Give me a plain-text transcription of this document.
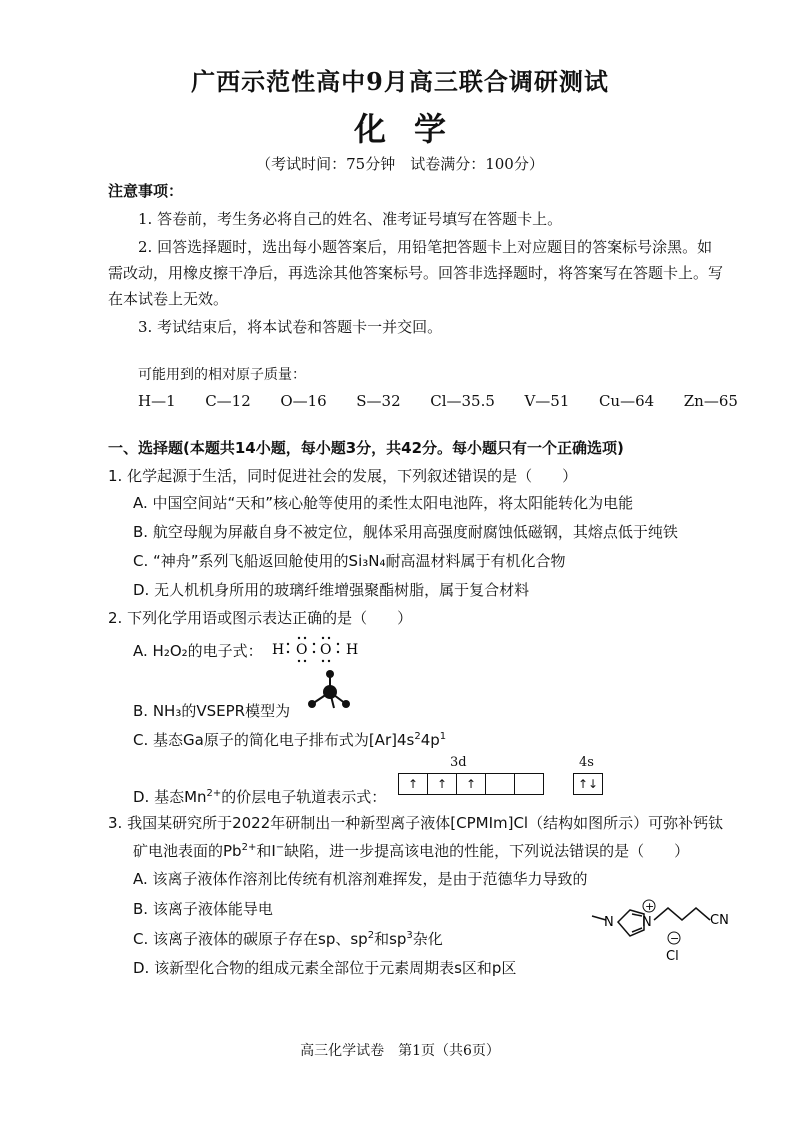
广西示范性高中9月高三联合调研测试
化学
（考试时间：75分钟　试卷满分：100分）
注意事项：
1. 答卷前，考生务必将自己的姓名、准考证号填写在答题卡上。
2. 回答选择题时，选出每小题答案后，用铅笔把答题卡上对应题目的答案标号涂黑。如
需改动，用橡皮擦干净后，再选涂其他答案标号。回答非选择题时，将答案写在答题卡上。写
在本试卷上无效。
3. 考试结束后，将本试卷和答题卡一并交回。
可能用到的相对原子质量：
H—1 C—12 O—16 S—32 Cl—35.5 V—51 Cu—64 Zn—65
一、选择题(本题共14小题，每小题3分，共42分。每小题只有一个正确选项)
1. 化学起源于生活，同时促进社会的发展，下列叙述错误的是（　　）
A. 中国空间站“天和”核心舱等使用的柔性太阳电池阵，将太阳能转化为电能
B. 航空母舰为屏蔽自身不被定位，舰体采用高强度耐腐蚀低磁钢，其熔点低于纯铁
C. “神舟”系列飞船返回舱使用的Si₃N₄耐高温材料属于有机化合物
D. 无人机机身所用的玻璃纤维增强聚酯树脂，属于复合材料
2. 下列化学用语或图示表达正确的是（　　）
A. H₂O₂的电子式： H O O H
B. NH₃的VSEPR模型为
C. 基态Ga原子的简化电子排布式为$[Ar]4s^24p^1$
3d	4s
D. 基态$Mn^{2+}$的价层电子轨道表示式：
↑	↑	↑	↑↓
3. 我国某研究所于2022年研制出一种新型离子液体[CPMIm]Cl（结构如图所示）可弥补钙钛
矿电池表面的$Pb^{2+}$和I−缺陷，进一步提高该电池的性能，下列说法错误的是（　　）
A. 该离子液体作溶剂比传统有机溶剂难挥发，是由于范德华力导致的
B. 该离子液体能导电
C. 该离子液体的碳原子存在sp、$sp^2$和$sp^3$杂化
D. 该新型化合物的组成元素全部位于元素周期表s区和p区
N N
+
CN
−
Cl
高三化学试卷　第1页（共6页）
